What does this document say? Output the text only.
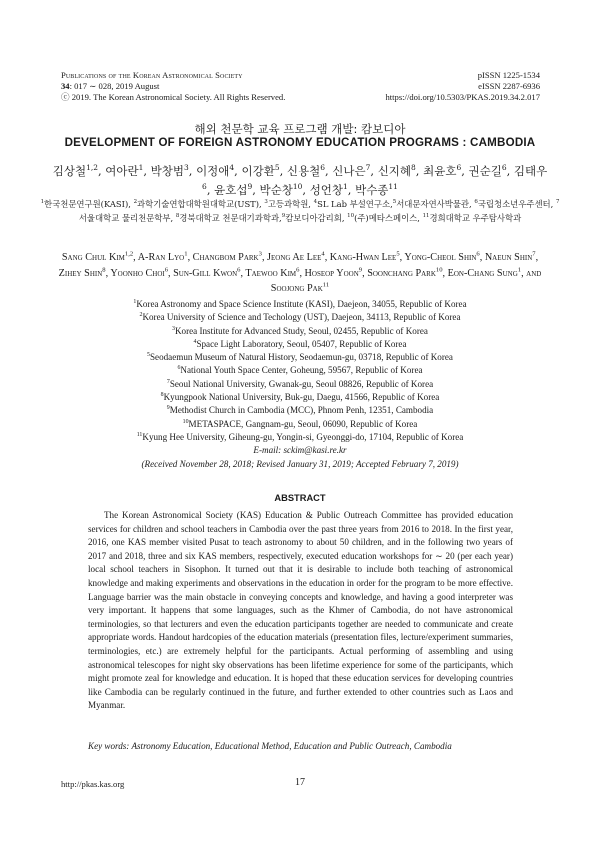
Publications of the Korean Astronomical Society
34: 017 ∼ 028, 2019 August
ⓒ 2019. The Korean Astronomical Society. All Rights Reserved.
pISSN 1225-1534
eISSN 2287-6936
https://doi.org/10.5303/PKAS.2019.34.2.017
해외 천문학 교육 프로그램 개발: 캄보디아
DEVELOPMENT OF FOREIGN ASTRONOMY EDUCATION PROGRAMS : CAMBODIA
김상철$^{1,2}$, 여아란$^1$, 박창범$^3$, 이정애$^4$, 이강환$^5$, 신용철$^6$, 신나은$^7$, 신지혜$^8$, 최윤호$^6$, 권순길$^6$, 김태우$^6$, 윤호섭$^9$, 박순창$^{10}$, 성언창$^1$, 박수종$^{11}$
$^1$한국천문연구원(KASI), $^2$과학기술연합대학원대학교(UST), $^3$고등과학원, $^4$SL Lab 부설연구소,$^5$서대문자연사박물관, $^6$국립청소년우주센터, $^7$서울대학교 물리천문학부, $^8$경북대학교 천문대기과학과,$^9$캄보디아감리회, $^{10}$(주)메타스페이스, $^{11}$경희대학교 우주탐사학과
Sang Chul Kim$^{1,2}$, A-Ran Lyo$^1$, Changbom Park$^3$, Jeong Ae Lee$^4$, Kang-Hwan Lee$^5$, Yong-Cheol Shin$^6$, Naeun Shin$^7$, Zihey Shin$^8$, Yoonho Choi$^6$, Sun-Gill Kwon$^6$, Taewoo Kim$^6$, Hoseop Yoon$^9$, Soonchang Park$^{10}$, Eon-Chang Sung$^1$, and Soojong Pak$^{11}$
$^1$Korea Astronomy and Space Science Institute (KASI), Daejeon, 34055, Republic of Korea
$^2$Korea University of Science and Techology (UST), Daejeon, 34113, Republic of Korea
$^3$Korea Institute for Advanced Study, Seoul, 02455, Republic of Korea
$^4$Space Light Laboratory, Seoul, 05407, Republic of Korea
$^5$Seodaemun Museum of Natural History, Seodaemun-gu, 03718, Republic of Korea
$^6$National Youth Space Center, Goheung, 59567, Republic of Korea
$^7$Seoul National University, Gwanak-gu, Seoul 08826, Republic of Korea
$^8$Kyungpook National University, Buk-gu, Daegu, 41566, Republic of Korea
$^9$Methodist Church in Cambodia (MCC), Phnom Penh, 12351, Cambodia
$^{10}$METASPACE, Gangnam-gu, Seoul, 06090, Republic of Korea
$^{11}$Kyung Hee University, Giheung-gu, Yongin-si, Gyeonggi-do, 17104, Republic of Korea
E-mail: sckim@kasi.re.kr
(Received November 28, 2018; Revised January 31, 2019; Accepted February 7, 2019)
ABSTRACT
The Korean Astronomical Society (KAS) Education & Public Outreach Committee has provided education services for children and school teachers in Cambodia over the past three years from 2016 to 2018. In the first year, 2016, one KAS member visited Pusat to teach astronomy to about 50 children, and in the following two years of 2017 and 2018, three and six KAS members, respectively, executed education workshops for ∼ 20 (per each year) local school teachers in Sisophon. It turned out that it is desirable to include both teaching of astronomical knowledge and making experiments and observations in the education in order for the program to be more effective. Language barrier was the main obstacle in conveying concepts and knowledge, and having a good interpreter was very important. It happens that some languages, such as the Khmer of Cambodia, do not have astronomical terminologies, so that lecturers and even the education participants together are needed to communicate and create appropriate words. Handout hardcopies of the education materials (presentation files, lecture/experiment summaries, terminologies, etc.) are extremely helpful for the participants. Actual performing of assembling and using astronomical telescopes for night sky observations has been lifetime experience for some of the participants, which might promote zeal for knowledge and education. It is hoped that these education services for developing countries like Cambodia can be regularly continued in the future, and further extended to other countries such as Laos and Myanmar.
Key words: Astronomy Education, Educational Method, Education and Public Outreach, Cambodia
http://pkas.kas.org	17
